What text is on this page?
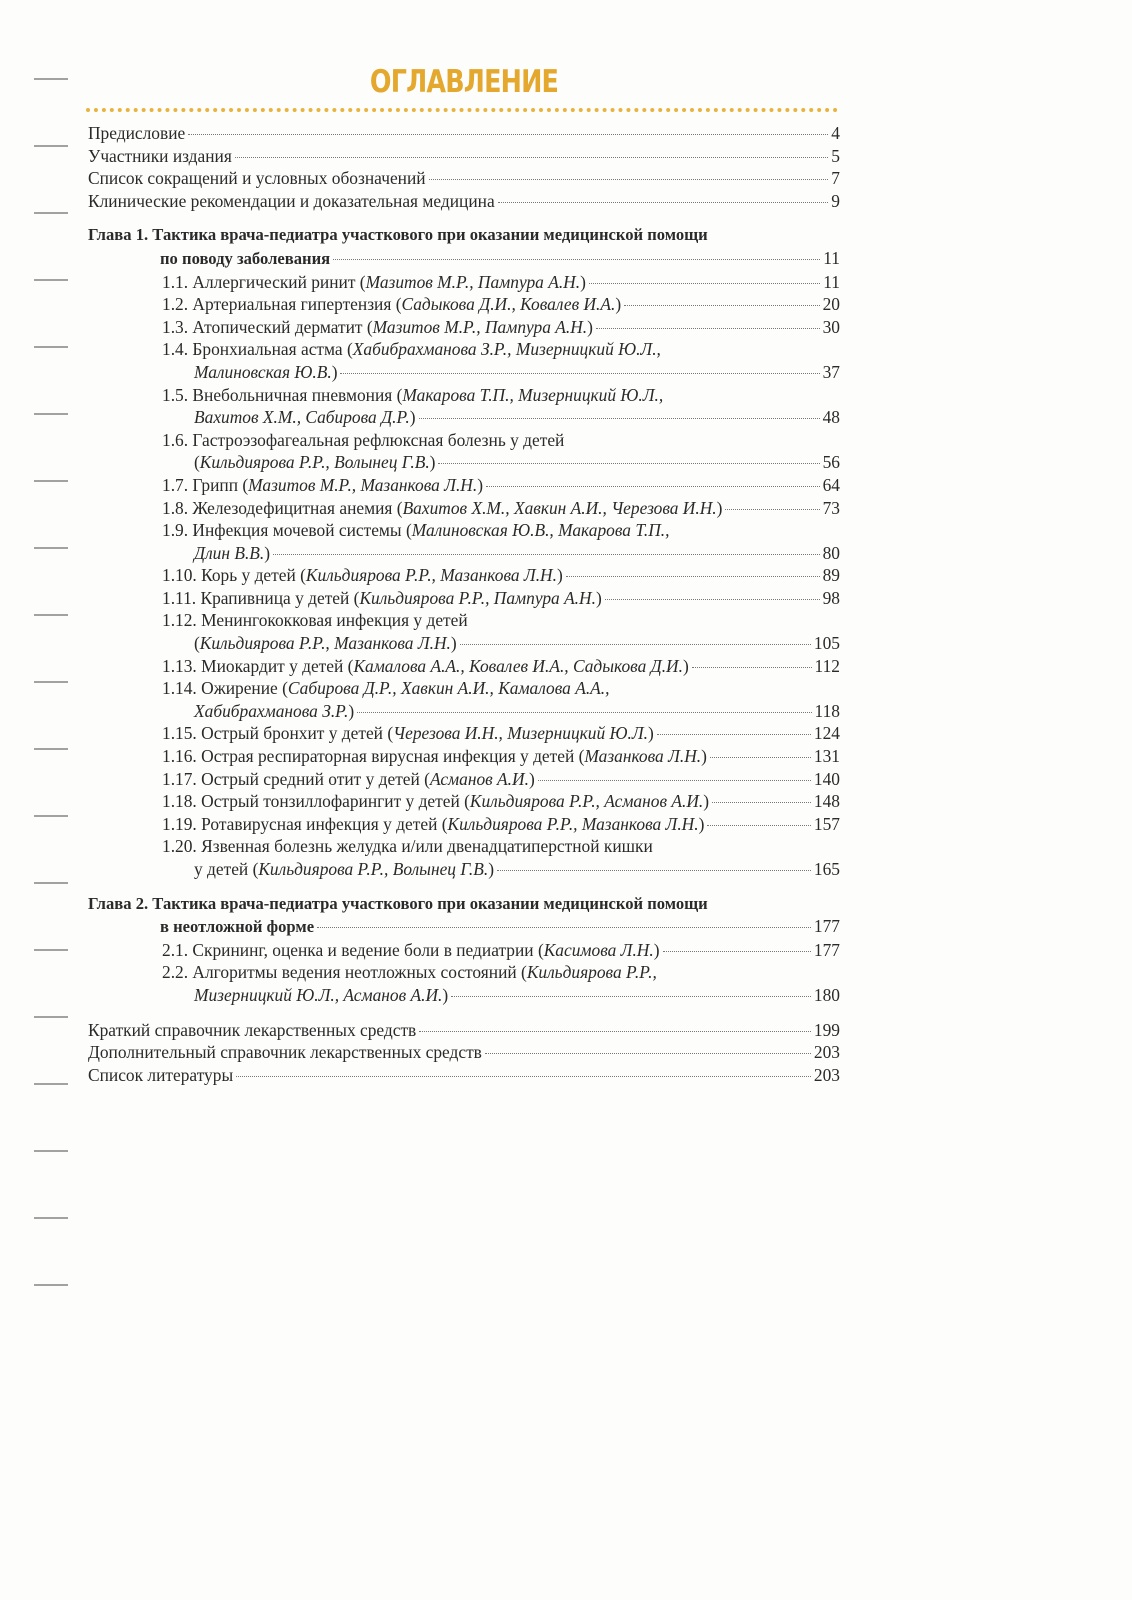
ОГЛАВЛЕНИЕ
Предисловие	4
Участники издания	5
Список сокращений и условных обозначений	7
Клинические рекомендации и доказательная медицина	9
Глава 1. Тактика врача-педиатра участкового при оказании медицинской помощи
по поводу заболевания	11
1.1. Аллергический ринит (Мазитов М.Р., Пампура А.Н.)	11
1.2. Артериальная гипертензия (Садыкова Д.И., Ковалев И.А.)	20
1.3. Атопический дерматит (Мазитов М.Р., Пампура А.Н.)	30
1.4. Бронхиальная астма (Хабибрахманова З.Р., Мизерницкий Ю.Л.,
Малиновская Ю.В.)	37
1.5. Внебольничная пневмония (Макарова Т.П., Мизерницкий Ю.Л.,
Вахитов Х.М., Сабирова Д.Р.)	48
1.6. Гастроэзофагеальная рефлюксная болезнь у детей
(Кильдиярова Р.Р., Волынец Г.В.)	56
1.7. Грипп (Мазитов М.Р., Мазанкова Л.Н.)	64
1.8. Железодефицитная анемия (Вахитов Х.М., Хавкин А.И., Черезова И.Н.)	73
1.9. Инфекция мочевой системы (Малиновская Ю.В., Макарова Т.П.,
Длин В.В.)	80
1.10. Корь у детей (Кильдиярова Р.Р., Мазанкова Л.Н.)	89
1.11. Крапивница у детей (Кильдиярова Р.Р., Пампура А.Н.)	98
1.12. Менингококковая инфекция у детей
(Кильдиярова Р.Р., Мазанкова Л.Н.)	105
1.13. Миокардит у детей (Камалова А.А., Ковалев И.А., Садыкова Д.И.)	112
1.14. Ожирение (Сабирова Д.Р., Хавкин А.И., Камалова А.А.,
Хабибрахманова З.Р.)	118
1.15. Острый бронхит у детей (Черезова И.Н., Мизерницкий Ю.Л.)	124
1.16. Острая респираторная вирусная инфекция у детей (Мазанкова Л.Н.)	131
1.17. Острый средний отит у детей (Асманов А.И.)	140
1.18. Острый тонзиллофарингит у детей (Кильдиярова Р.Р., Асманов А.И.)	148
1.19. Ротавирусная инфекция у детей (Кильдиярова Р.Р., Мазанкова Л.Н.)	157
1.20. Язвенная болезнь желудка и/или двенадцатиперстной кишки
у детей (Кильдиярова Р.Р., Волынец Г.В.)	165
Глава 2. Тактика врача-педиатра участкового при оказании медицинской помощи
в неотложной форме	177
2.1. Скрининг, оценка и ведение боли в педиатрии (Касимова Л.Н.)	177
2.2. Алгоритмы ведения неотложных состояний (Кильдиярова Р.Р.,
Мизерницкий Ю.Л., Асманов А.И.)	180
Краткий справочник лекарственных средств	199
Дополнительный справочник лекарственных средств	203
Список литературы	203
